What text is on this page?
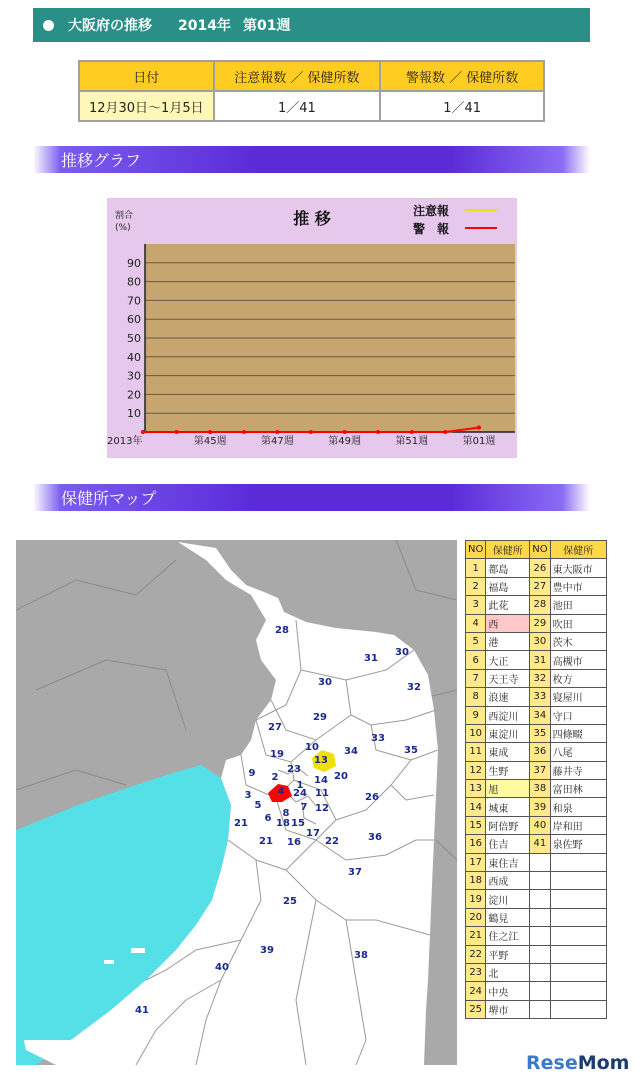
大阪府の推移 2014年 第01週
日付	注意報数 ／ 保健所数	警報数 ／ 保健所数
12月30日～1月5日	1／41	1／41
推移グラフ
10
20
30
40
50
60
70
80
90
割合
(%)	推 移	注意報
警　報
2013年	第45週	第47週	第49週	第51週	第01週
保健所マップ
1
2
3	4
5
6
7
8
9
10
11
12
13
14
15
16
17
18
19
20
21
21	22
23
24
25
26
27
28
29
30
30
31
32
33
34	35
36
37
38
39
40
41
NO	保健所	NO	保健所
1	都島	26	東大阪市
2	福島	27	豊中市
3	此花	28	池田
4	西	29	吹田
5	港	30	茨木
6	大正	31	高槻市
7	天王寺	32	枚方
8	浪速	33	寝屋川
9	西淀川	34	守口
10	東淀川	35	四條畷
11	東成	36	八尾
12	生野	37	藤井寺
13	旭	38	富田林
14	城東	39	和泉
15	阿倍野	40	岸和田
16	住吉	41	泉佐野
17	東住吉		
18	西成		
19	淀川		
20	鶴見		
21	住之江		
22	平野		
23	北		
24	中央		
25	堺市		
ReseMom
